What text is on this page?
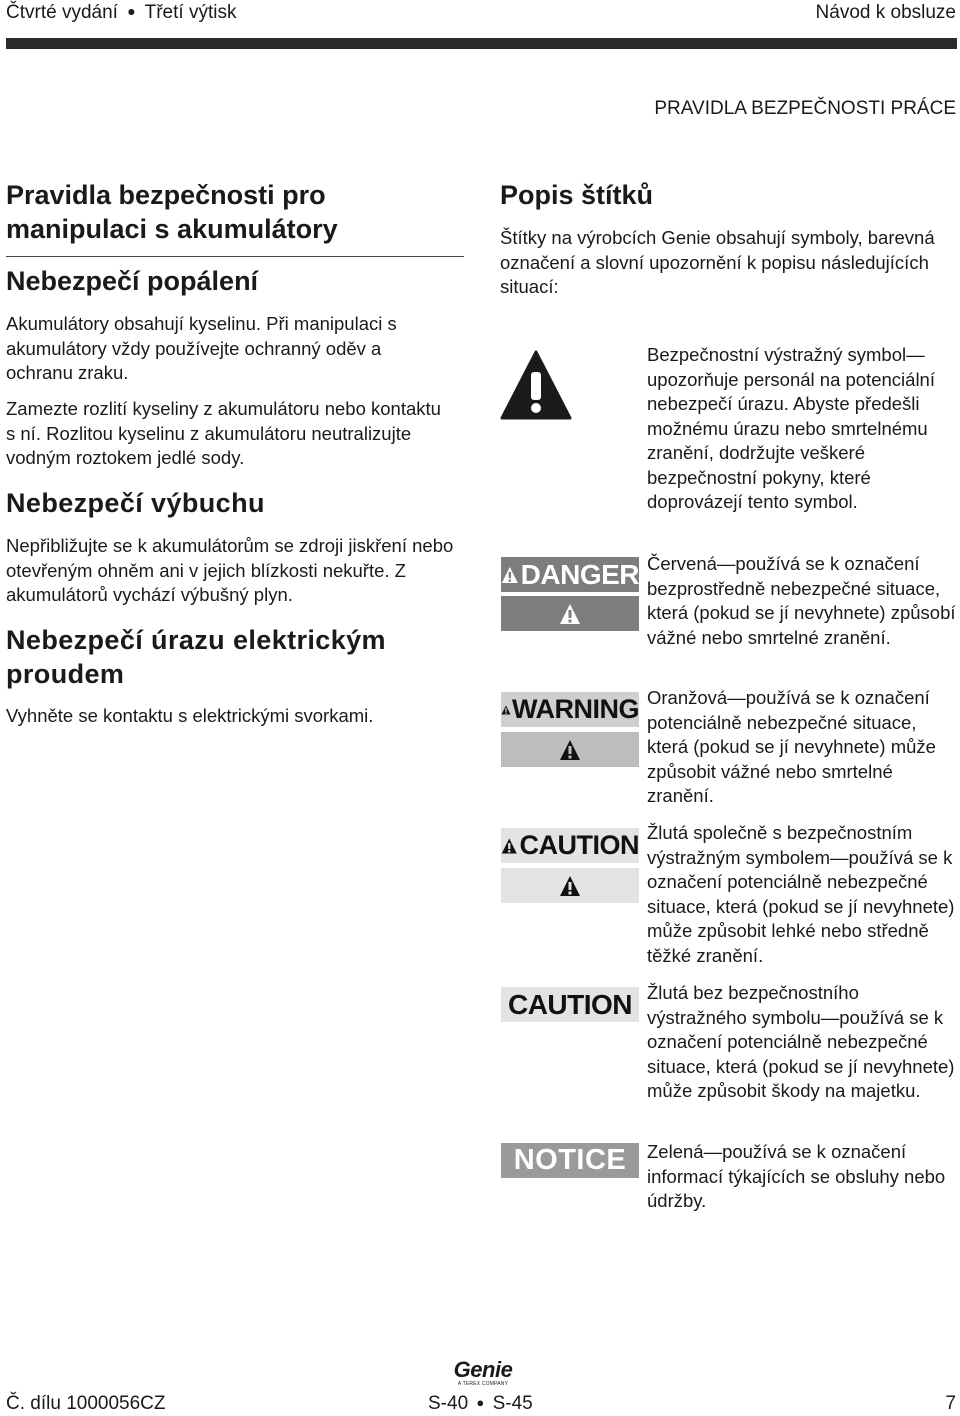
Čtvrté vydání ● Třetí výtisk	Návod k obsluze
PRAVIDLA BEZPEČNOSTI PRÁCE
Pravidla bezpečnosti pro manipulaci s akumulátory
Nebezpečí popálení
Akumulátory obsahují kyselinu. Při manipulaci s akumulátory vždy používejte ochranný oděv a ochranu zraku.
Zamezte rozlití kyseliny z akumulátoru nebo kontaktu s ní. Rozlitou kyselinu z akumulátoru neutralizujte vodným roztokem jedlé sody.
Nebezpečí výbuchu
Nepřibližujte se k akumulátorům se zdroji jiskření nebo otevřeným ohněm ani v jejich blízkosti nekuřte. Z akumulátorů vychází výbušný plyn.
Nebezpečí úrazu elektrickým proudem
Vyhněte se kontaktu s elektrickými svorkami.
Popis štítků
Štítky na výrobcích Genie obsahují symboly, barevná označení a slovní upozornění k popisu následujících situací:
Bezpečnostní výstražný symbol— upozorňuje personál na potenciální nebezpečí úrazu. Abyste předešli možnému úrazu nebo smrtelnému zranění, dodržujte veškeré bezpečnostní pokyny, které doprovázejí tento symbol.
DANGER Červená—používá se k označení bezprostředně nebezpečné situace, která (pokud se jí nevyhnete) způsobí vážné nebo smrtelné zranění.
WARNING Oranžová—používá se k označení potenciálně nebezpečné situace, která (pokud se jí nevyhnete) může způsobit vážné nebo smrtelné zranění.
CAUTION Žlutá společně s bezpečnostním výstražným symbolem—používá se k označení potenciálně nebezpečné situace, která (pokud se jí nevyhnete) může způsobit lehké nebo středně těžké zranění.
CAUTION Žlutá bez bezpečnostního výstražného symbolu—používá se k označení potenciálně nebezpečné situace, která (pokud se jí nevyhnete) může způsobit škody na majetku.
NOTICE Zelená—používá se k označení informací týkajících se obsluhy nebo údržby.
Genie
A TEREX COMPANY
Č. dílu 1000056CZ	S-40 ● S-45	7
